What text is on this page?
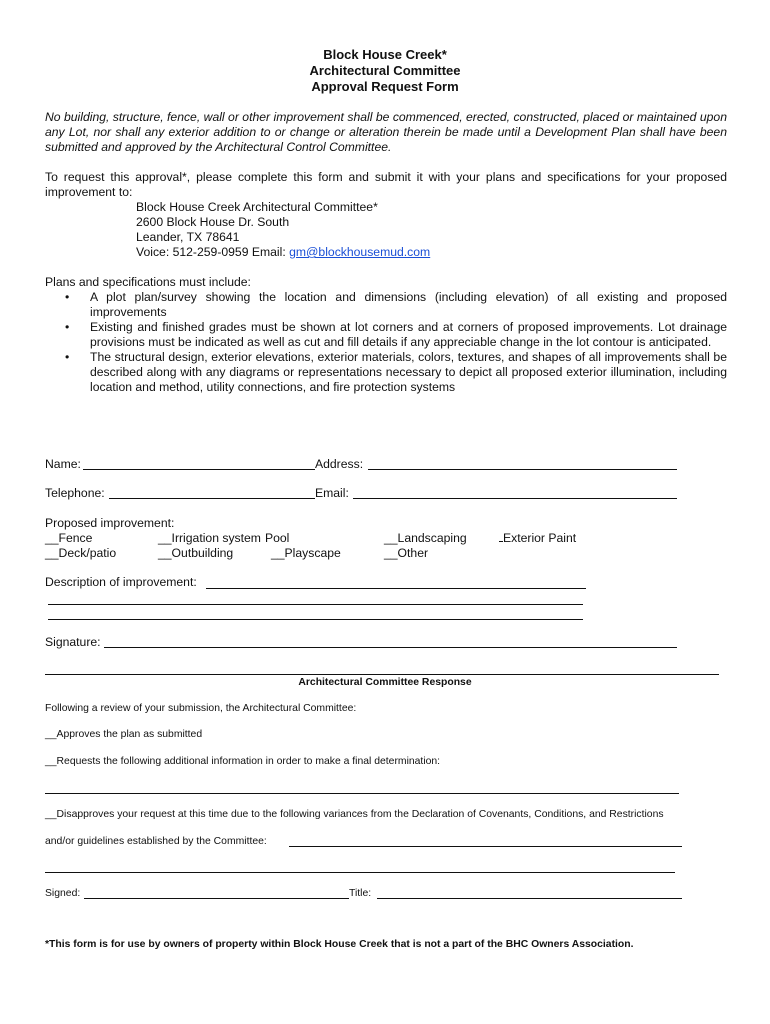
Block House Creek*
Architectural Committee
Approval Request Form
No building, structure, fence, wall or other improvement shall be commenced, erected, constructed, placed or maintained upon any Lot, nor shall any exterior addition to or change or alteration therein be made until a Development Plan shall have been submitted and approved by the Architectural Control Committee.
To request this approval*, please complete this form and submit it with your plans and specifications for your proposed improvement to:
Block House Creek Architectural Committee*
2600 Block House Dr. South
Leander, TX 78641
Voice: 512-259-0959 Email: gm@blockhousemud.com
Plans and specifications must include:
• A plot plan/survey showing the location and dimensions (including elevation) of all existing and proposed improvements
• Existing and finished grades must be shown at lot corners and at corners of proposed improvements. Lot drainage provisions must be indicated as well as cut and fill details if any appreciable change in the lot contour is anticipated.
• The structural design, exterior elevations, exterior materials, colors, textures, and shapes of all improvements shall be described along with any diagrams or representations necessary to depict all proposed exterior illumination, including location and method, utility connections, and fire protection systems
Name:	Address:
Telephone:	Email:
Proposed improvement:
__Fence	__Irrigation system Pool	__Landscaping	Exterior Paint
__Deck/patio	__Outbuilding	__Playscape	__Other
Description of improvement:
Signature:
Architectural Committee Response
Following a review of your submission, the Architectural Committee:
__Approves the plan as submitted
__Requests the following additional information in order to make a final determination:
__Disapproves your request at this time due to the following variances from the Declaration of Covenants, Conditions, and Restrictions
and/or guidelines established by the Committee:
Signed:	Title:
*This form is for use by owners of property within Block House Creek that is not a part of the BHC Owners Association.
